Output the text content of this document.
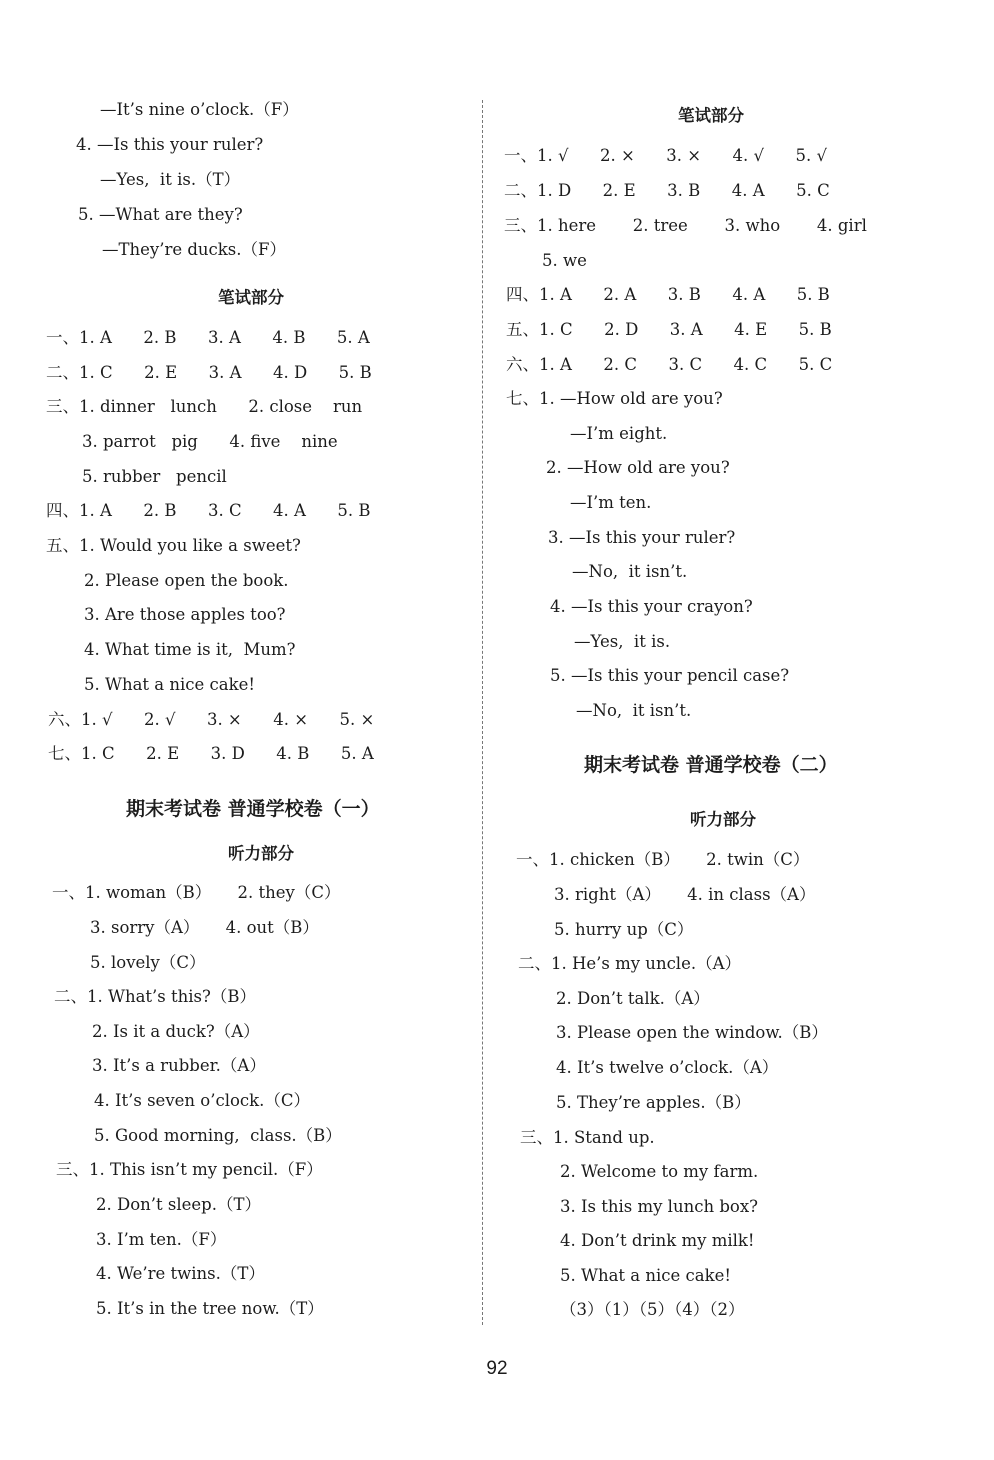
—It’s nine o’clock.（F）
4. —Is this your ruler?
—Yes,  it is.（T）
5. —What are they?
—They’re ducks.（F）
笔试部分
一、1. A      2. B      3. A      4. B      5. A
二、1. C      2. E      3. A      4. D      5. B
三、1. dinner   lunch      2. close    run
3. parrot   pig      4. five    nine
5. rubber   pencil
四、1. A      2. B      3. C      4. A      5. B
五、1. Would you like a sweet?
2. Please open the book.
3. Are those apples too?
4. What time is it,  Mum?
5. What a nice cake!
六、1. √      2. √      3. ×      4. ×      5. ×
七、1. C      2. E      3. D      4. B      5. A
期末考试卷 普通学校卷（一）
听力部分
一、1. woman（B）     2. they（C）
3. sorry（A）     4. out（B）
5. lovely（C）
二、1. What’s this?（B）
2. Is it a duck?（A）
3. It’s a rubber.（A）
4. It’s seven o’clock.（C）
5. Good morning,  class.（B）
三、1. This isn’t my pencil.（F）
2. Don’t sleep.（T）
3. I’m ten.（F）
4. We’re twins.（T）
5. It’s in the tree now.（T）
笔试部分
一、1. √      2. ×      3. ×      4. √      5. √
二、1. D      2. E      3. B      4. A      5. C
三、1. here       2. tree       3. who       4. girl
5. we
四、1. A      2. A      3. B      4. A      5. B
五、1. C      2. D      3. A      4. E      5. B
六、1. A      2. C      3. C      4. C      5. C
七、1. —How old are you?
—I’m eight.
2. —How old are you?
—I’m ten.
3. —Is this your ruler?
—No,  it isn’t.
4. —Is this your crayon?
—Yes,  it is.
5. —Is this your pencil case?
—No,  it isn’t.
期末考试卷 普通学校卷（二）
听力部分
一、1. chicken（B）     2. twin（C）
3. right（A）     4. in class（A）
5. hurry up（C）
二、1. He’s my uncle.（A）
2. Don’t talk.（A）
3. Please open the window.（B）
4. It’s twelve o’clock.（A）
5. They’re apples.（B）
三、1. Stand up.
2. Welcome to my farm.
3. Is this my lunch box?
4. Don’t drink my milk!
5. What a nice cake!
（3）（1）（5）（4）（2）
92
